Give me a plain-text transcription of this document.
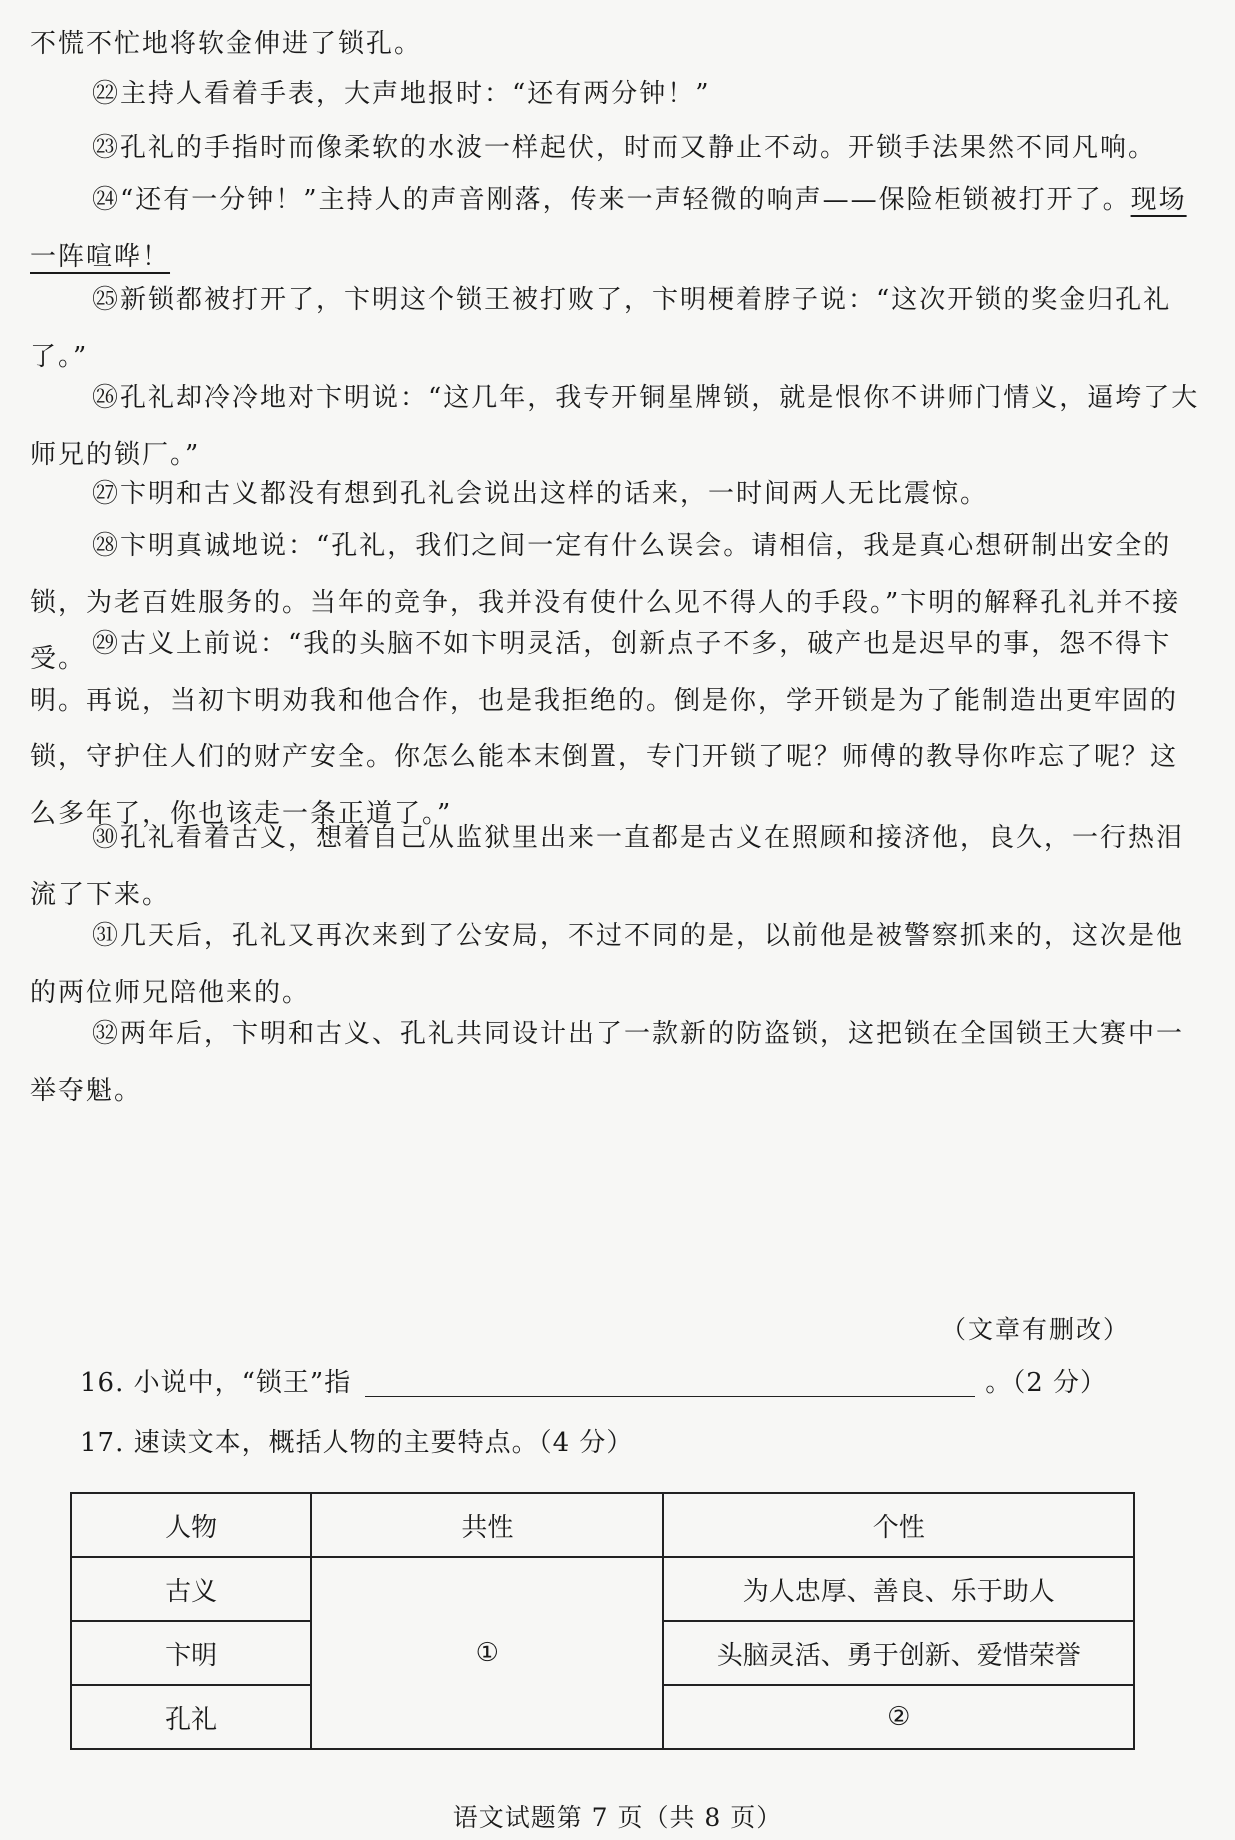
不慌不忙地将软金伸进了锁孔。
㉒主持人看着手表，大声地报时：“还有两分钟！”
㉓孔礼的手指时而像柔软的水波一样起伏，时而又静止不动。开锁手法果然不同凡响。
㉔“还有一分钟！”主持人的声音刚落，传来一声轻微的响声——保险柜锁被打开了。现场一阵喧哗！
㉕新锁都被打开了，卞明这个锁王被打败了，卞明梗着脖子说：“这次开锁的奖金归孔礼了。”
㉖孔礼却冷冷地对卞明说：“这几年，我专开铜星牌锁，就是恨你不讲师门情义，逼垮了大师兄的锁厂。”
㉗卞明和古义都没有想到孔礼会说出这样的话来，一时间两人无比震惊。
㉘卞明真诚地说：“孔礼，我们之间一定有什么误会。请相信，我是真心想研制出安全的锁，为老百姓服务的。当年的竞争，我并没有使什么见不得人的手段。”卞明的解释孔礼并不接受。 ㉙古义上前说：“我的头脑不如卞明灵活，创新点子不多，破产也是迟早的事，怨不得卞明。再说，当初卞明劝我和他合作，也是我拒绝的。倒是你，学开锁是为了能制造出更牢固的锁，守护住人们的财产安全。你怎么能本末倒置，专门开锁了呢？师傅的教导你咋忘了呢？这么多年了，你也该走一条正道了。”
㉚孔礼看着古义，想着自己从监狱里出来一直都是古义在照顾和接济他，良久，一行热泪流了下来。
㉛几天后，孔礼又再次来到了公安局，不过不同的是，以前他是被警察抓来的，这次是他的两位师兄陪他来的。
㉜两年后，卞明和古义、孔礼共同设计出了一款新的防盗锁，这把锁在全国锁王大赛中一举夺魁。
（文章有删改）
16. 小说中，“锁王”指	。（2 分）
17. 速读文本，概括人物的主要特点。（4 分）
人物	共性	个性
古义	①	为人忠厚、善良、乐于助人
卞明		头脑灵活、勇于创新、爱惜荣誉
孔礼		②
语文试题第 7 页（共 8 页）
